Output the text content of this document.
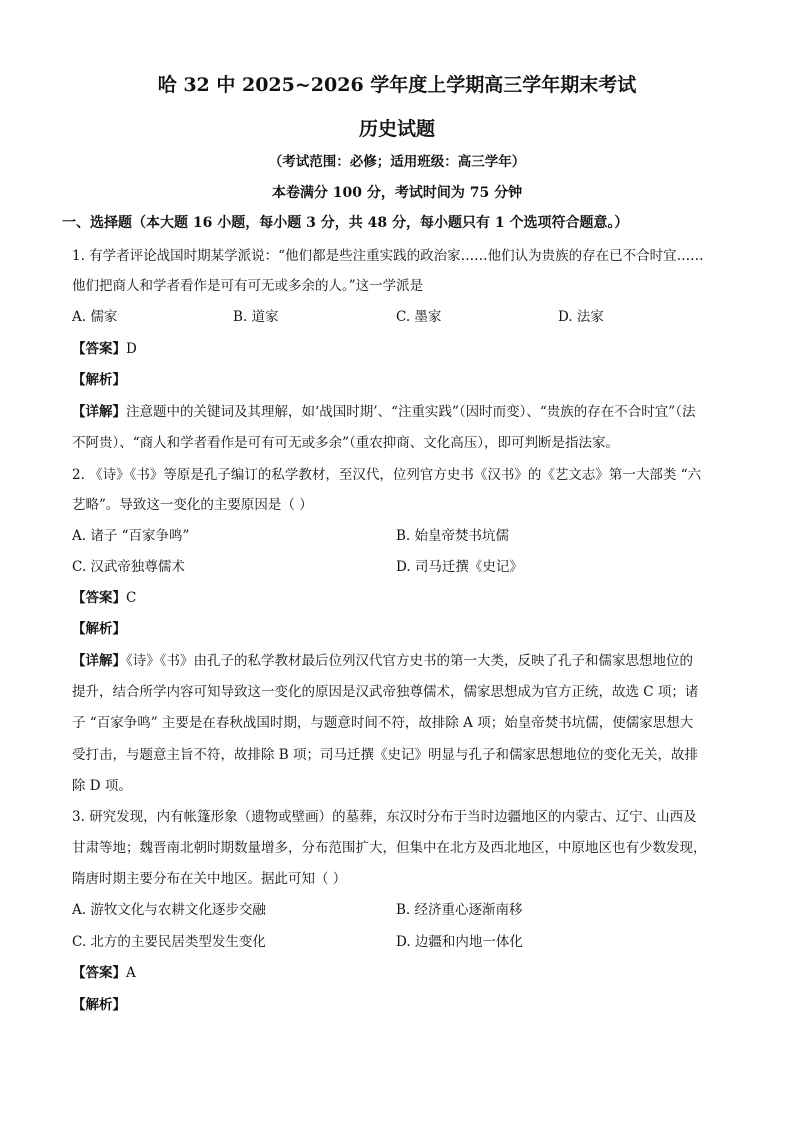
哈 32 中 2025~2026 学年度上学期高三学年期末考试
历史试题
（考试范围：必修；适用班级：高三学年）
本卷满分 100 分，考试时间为 75 分钟
一、选择题（本大题 16 小题，每小题 3 分，共 48 分，每小题只有 1 个选项符合题意。）
1. 有学者评论战国时期某学派说：“他们都是些注重实践的政治家……他们认为贵族的存在已不合时宜……
他们把商人和学者看作是可有可无或多余的人。”这一学派是
A. 儒家	B. 道家	C. 墨家	D. 法家
【答案】D
【解析】
【详解】注意题中的关键词及其理解，如‘战国时期’、“注重实践”（因时而变）、“贵族的存在不合时宜”（法
不阿贵）、“商人和学者看作是可有可无或多余”（重农抑商、文化高压），即可判断是指法家。
2. 《诗》《书》等原是孔子编订的私学教材，至汉代，位列官方史书《汉书》的《艺文志》第一大部类 “六
艺略”。导致这一变化的主要原因是（ ）
A. 诸子 “百家争鸣”	B. 始皇帝焚书坑儒
C. 汉武帝独尊儒术	D. 司马迁撰《史记》
【答案】C
【解析】
【详解】《诗》《书》由孔子的私学教材最后位列汉代官方史书的第一大类，反映了孔子和儒家思想地位的
提升，结合所学内容可知导致这一变化的原因是汉武帝独尊儒术，儒家思想成为官方正统，故选 C 项；诸
子 “百家争鸣” 主要是在春秋战国时期，与题意时间不符，故排除 A 项；始皇帝焚书坑儒，使儒家思想大
受打击，与题意主旨不符，故排除 B 项；司马迁撰《史记》明显与孔子和儒家思想地位的变化无关，故排
除 D 项。
3. 研究发现，内有帐篷形象（遗物或壁画）的墓葬，东汉时分布于当时边疆地区的内蒙古、辽宁、山西及
甘肃等地；魏晋南北朝时期数量增多，分布范围扩大，但集中在北方及西北地区，中原地区也有少数发现，
隋唐时期主要分布在关中地区。据此可知（ ）
A. 游牧文化与农耕文化逐步交融	B. 经济重心逐渐南移
C. 北方的主要民居类型发生变化	D. 边疆和内地一体化
【答案】A
【解析】
